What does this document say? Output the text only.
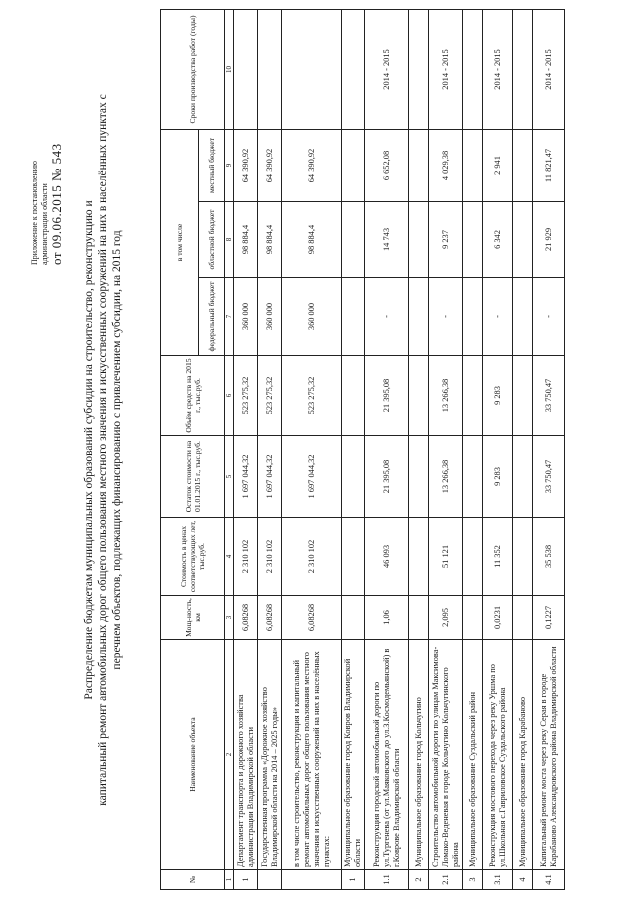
Приложение к постановлению администрации области от 09.06.2015 № 543 Распределение бюджетам муниципальных образований субсидии на строительство, реконструкцию и капитальный ремонт автомобильных дорог общего пользования местного значения и искусственных сооружений на них в населённых пунктах с перечнем объектов, подлежащих финансированию с привлечением субсидии, на 2015 год
№	Наименование объекта	Мощ-ность, км	Стоимость в ценах соответствующих лет, тыс.руб.	Остаток стоимости на 01.01.2015 г., тыс.руб.	Объём средств на 2015 г., тыс.руб.	в том числе			Сроки производства работ (годы)
						федеральный бюджет	областной бюджет	местный бюджет	
1	2	3	4	5	6	7	8	9	10
1	Департамент транспорта и дорожного хозяйства администрации Владимирской области	6,08268	2 310 102	1 697 044,32	523 275,32	360 000	98 884,4	64 390,92	
	Государственная программа «Дорожное хозяйство Владимирской области на 2014 – 2025 годы»	6,08268	2 310 102	1 697 044,32	523 275,32	360 000	98 884,4	64 390,92	
	в том числе строительство, реконструкция и капитальный ремонт автомобильных дорог общего пользования местного значения и искусственных сооружений на них в населённых пунктах:	6,08268	2 310 102	1 697 044,32	523 275,32	360 000	98 884,4	64 390,92	
1	Муниципальное образование город Ковров Владимирской области								
1.1	Реконструкция городской автомобильной дороги по ул.Тургенева (от ул.Маяковского до ул.З.Космодемьянской) в г.Коврове Владимирской области	1,06	46 093	21 395,08	21 395,08	-	14 743	6 652,08	2014 - 2015
2	Муниципальное образование город Кольчугино								
2.1	Строительство автомобильной дороги по улицам Максимова-Ломако-Веденевая в городе Кольчугино Кольчугинского района	2,095	51 121	13 266,38	13 266,38	-	9 237	4 029,38	2014 - 2015
3	Муниципальное образование Суздальский район								
3.1	Реконструкция мостового перехода через реку Уршма по ул.Школьная с.Гавриловское Суздальского района	0,0231	11 352	9 283	9 283	-	6 342	2 941	2014 - 2015
4	Муниципальное образование город Карабаново								
4.1	Капитальный ремонт моста через реку Серая в городе Карабаново Александровского района Владимирской области	0,1227	35 538	33 750,47	33 750,47	-	21 929	11 821,47	2014 - 2015
